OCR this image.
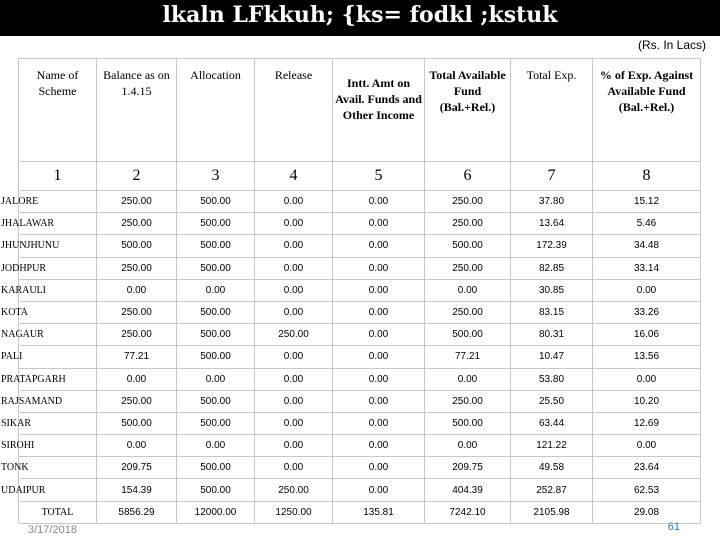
lkaln LFkkuh; {ks= fodkl ;kstuk
(Rs. In Lacs)
Name of Scheme	Balance as on 1.4.15	Allocation	Release	Intt. Amt on Avail. Funds and Other Income	Total Available Fund (Bal.+Rel.)	Total Exp.	% of Exp. Against Available Fund (Bal.+Rel.)
1	2	3	4	5	6	7	8
JALORE	250.00	500.00	0.00	0.00	250.00	37.80	15.12
JHALAWAR	250.00	500.00	0.00	0.00	250.00	13.64	5.46
JHUNJHUNU	500.00	500.00	0.00	0.00	500.00	172.39	34.48
JODHPUR	250.00	500.00	0.00	0.00	250.00	82.85	33.14
KARAULI	0.00	0.00	0.00	0.00	0.00	30.85	0.00
KOTA	250.00	500.00	0.00	0.00	250.00	83.15	33.26
NAGAUR	250.00	500.00	250.00	0.00	500.00	80.31	16.06
PALI	77.21	500.00	0.00	0.00	77.21	10.47	13.56
PRATAPGARH	0.00	0.00	0.00	0.00	0.00	53.80	0.00
RAJSAMAND	250.00	500.00	0.00	0.00	250.00	25.50	10.20
SIKAR	500.00	500.00	0.00	0.00	500.00	63.44	12.69
SIROHI	0.00	0.00	0.00	0.00	0.00	121.22	0.00
TONK	209.75	500.00	0.00	0.00	209.75	49.58	23.64
UDAIPUR	154.39	500.00	250.00	0.00	404.39	252.87	62.53
TOTAL	5856.29	12000.00	1250.00	135.81	7242.10	2105.98	29.08
3/17/2018	61
